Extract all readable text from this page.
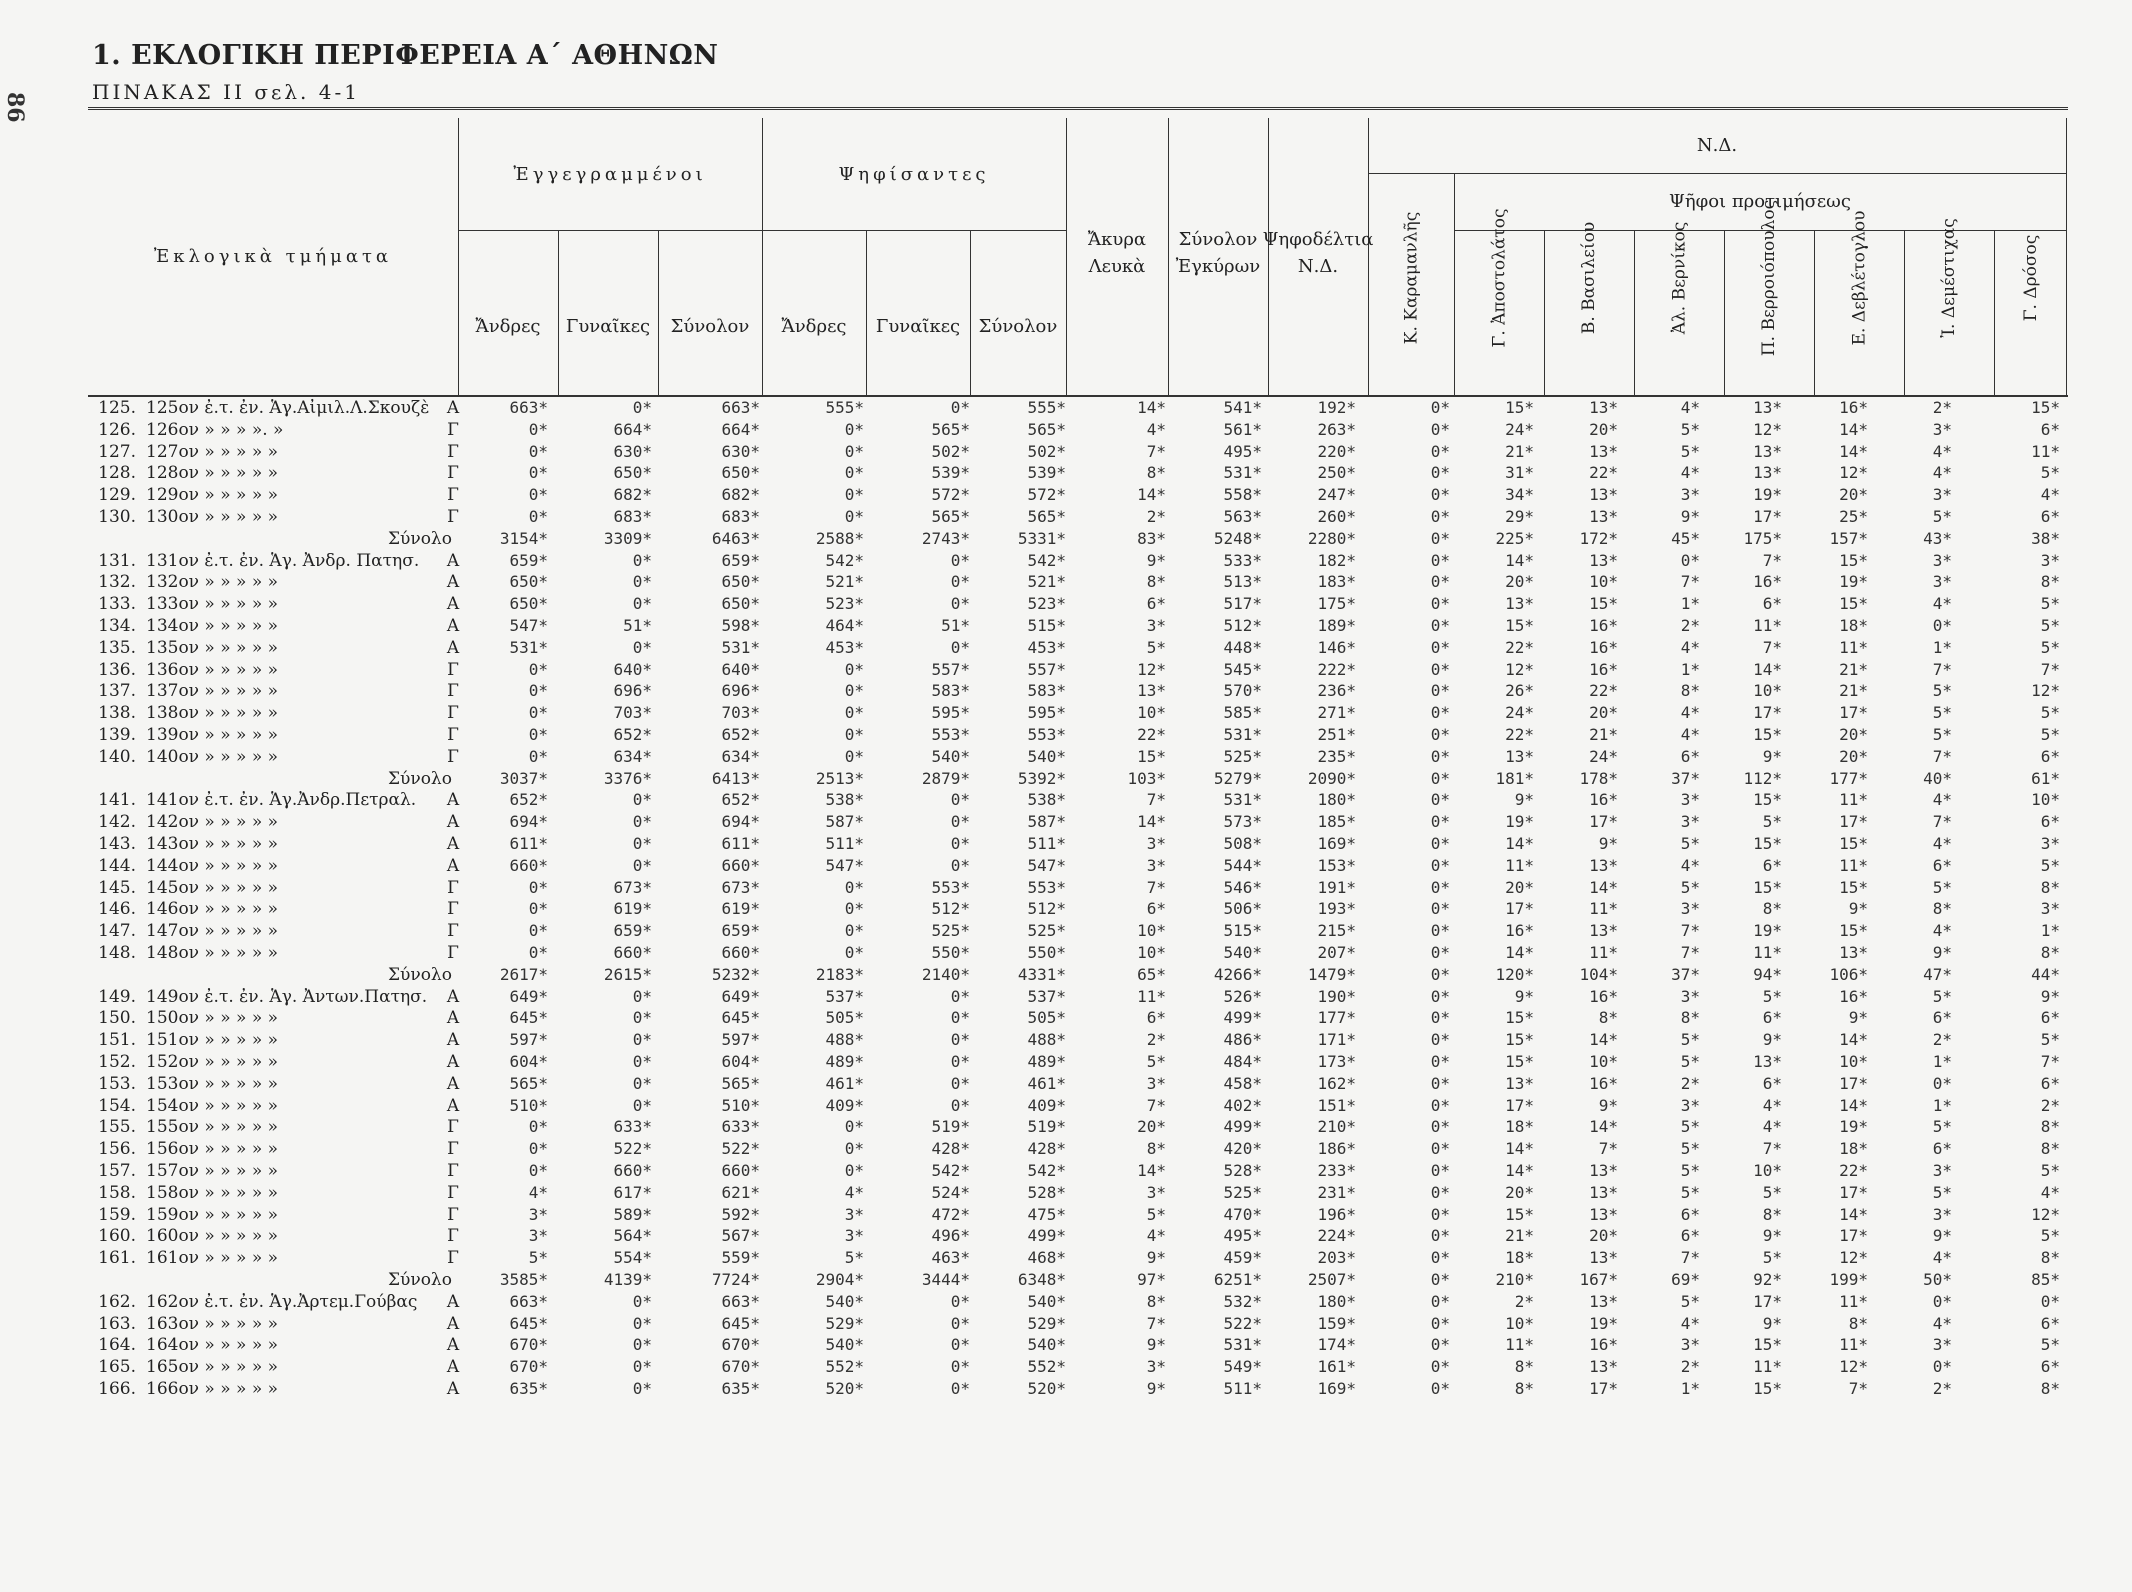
86
1. ΕΚΛΟΓΙΚΗ ΠΕΡΙΦΕΡΕΙΑ Α΄ ΑΘΗΝΩΝ
ΠΙΝΑΚΑΣ ΙΙ σελ. 4-1
Ἐκλογικὰ τμήματα
Ἐγγεγραμμένοι	Ψηφίσαντες
Ἄνδρες Γυναῖκες Σύνολον Ἄνδρες Γυναῖκες Σύνολον
Ἄκυρα Λευκὰ
Σύνολον Ἐγκύρων
Ψηφοδέλτια Ν.Δ.
Ν.Δ.
Ψῆφοι προτιμήσεως
Κ. Καραμανλῆς	Γ. Ἀποστολάτος	Β. Βασιλείου	Ἀλ. Βερνίκος	Π. Βερροιόπουλος	Ε. Δεβλέτογλου	Ἰ. Δεμέστιχας	Γ. Δρόσος
125. 125ον ἐ.τ. ἐν. Ἁγ.Αἰμιλ.Λ.Σκουζὲ	Α	663*	0*	663*	555*	0*	555*	14*	541*	192*	0*	15*	13*	4*	13*	16*	2*	15*
126. 126ον » » » ». »	Γ	0*	664*	664*	0*	565*	565*	4*	561*	263*	0*	24*	20*	5*	12*	14*	3*	6*
127. 127ον » » » » »	Γ	0*	630*	630*	0*	502*	502*	7*	495*	220*	0*	21*	13*	5*	13*	14*	4*	11*
128. 128ον » » » » »	Γ	0*	650*	650*	0*	539*	539*	8*	531*	250*	0*	31*	22*	4*	13*	12*	4*	5*
129. 129ον » » » » »	Γ	0*	682*	682*	0*	572*	572*	14*	558*	247*	0*	34*	13*	3*	19*	20*	3*	4*
130. 130ον » » » » »	Γ	0*	683*	683*	0*	565*	565*	2*	563*	260*	0*	29*	13*	9*	17*	25*	5*	6*
Σύνολο	3154*	3309*	6463*	2588*	2743*	5331*	83*	5248*	2280*	0*	225*	172*	45*	175*	157*	43*	38*
131. 131ον ἐ.τ. ἐν. Ἁγ. Ἀνδρ. Πατησ.	Α	659*	0*	659*	542*	0*	542*	9*	533*	182*	0*	14*	13*	0*	7*	15*	3*	3*
132. 132ον » » » » »	Α	650*	0*	650*	521*	0*	521*	8*	513*	183*	0*	20*	10*	7*	16*	19*	3*	8*
133. 133ον » » » » »	Α	650*	0*	650*	523*	0*	523*	6*	517*	175*	0*	13*	15*	1*	6*	15*	4*	5*
134. 134ον » » » » »	Α	547*	51*	598*	464*	51*	515*	3*	512*	189*	0*	15*	16*	2*	11*	18*	0*	5*
135. 135ον » » » » »	Α	531*	0*	531*	453*	0*	453*	5*	448*	146*	0*	22*	16*	4*	7*	11*	1*	5*
136. 136ον » » » » »	Γ	0*	640*	640*	0*	557*	557*	12*	545*	222*	0*	12*	16*	1*	14*	21*	7*	7*
137. 137ον » » » » »	Γ	0*	696*	696*	0*	583*	583*	13*	570*	236*	0*	26*	22*	8*	10*	21*	5*	12*
138. 138ον » » » » »	Γ	0*	703*	703*	0*	595*	595*	10*	585*	271*	0*	24*	20*	4*	17*	17*	5*	5*
139. 139ον » » » » »	Γ	0*	652*	652*	0*	553*	553*	22*	531*	251*	0*	22*	21*	4*	15*	20*	5*	5*
140. 140ον » » » » »	Γ	0*	634*	634*	0*	540*	540*	15*	525*	235*	0*	13*	24*	6*	9*	20*	7*	6*
Σύνολο	3037*	3376*	6413*	2513*	2879*	5392*	103*	5279*	2090*	0*	181*	178*	37*	112*	177*	40*	61*
141. 141ον ἐ.τ. ἐν. Ἁγ.Ἀνδρ.Πετραλ.	Α	652*	0*	652*	538*	0*	538*	7*	531*	180*	0*	9*	16*	3*	15*	11*	4*	10*
142. 142ον » » » » »	Α	694*	0*	694*	587*	0*	587*	14*	573*	185*	0*	19*	17*	3*	5*	17*	7*	6*
143. 143ον » » » » »	Α	611*	0*	611*	511*	0*	511*	3*	508*	169*	0*	14*	9*	5*	15*	15*	4*	3*
144. 144ον » » » » »	Α	660*	0*	660*	547*	0*	547*	3*	544*	153*	0*	11*	13*	4*	6*	11*	6*	5*
145. 145ον » » » » »	Γ	0*	673*	673*	0*	553*	553*	7*	546*	191*	0*	20*	14*	5*	15*	15*	5*	8*
146. 146ον » » » » »	Γ	0*	619*	619*	0*	512*	512*	6*	506*	193*	0*	17*	11*	3*	8*	9*	8*	3*
147. 147ον » » » » »	Γ	0*	659*	659*	0*	525*	525*	10*	515*	215*	0*	16*	13*	7*	19*	15*	4*	1*
148. 148ον » » » » »	Γ	0*	660*	660*	0*	550*	550*	10*	540*	207*	0*	14*	11*	7*	11*	13*	9*	8*
Σύνολο	2617*	2615*	5232*	2183*	2140*	4331*	65*	4266*	1479*	0*	120*	104*	37*	94*	106*	47*	44*
149. 149ον ἐ.τ. ἐν. Ἁγ. Ἀντων.Πατησ.	Α	649*	0*	649*	537*	0*	537*	11*	526*	190*	0*	9*	16*	3*	5*	16*	5*	9*
150. 150ον » » » » »	Α	645*	0*	645*	505*	0*	505*	6*	499*	177*	0*	15*	8*	8*	6*	9*	6*	6*
151. 151ον » » » » »	Α	597*	0*	597*	488*	0*	488*	2*	486*	171*	0*	15*	14*	5*	9*	14*	2*	5*
152. 152ον » » » » »	Α	604*	0*	604*	489*	0*	489*	5*	484*	173*	0*	15*	10*	5*	13*	10*	1*	7*
153. 153ον » » » » »	Α	565*	0*	565*	461*	0*	461*	3*	458*	162*	0*	13*	16*	2*	6*	17*	0*	6*
154. 154ον » » » » »	Α	510*	0*	510*	409*	0*	409*	7*	402*	151*	0*	17*	9*	3*	4*	14*	1*	2*
155. 155ον » » » » »	Γ	0*	633*	633*	0*	519*	519*	20*	499*	210*	0*	18*	14*	5*	4*	19*	5*	8*
156. 156ον » » » » »	Γ	0*	522*	522*	0*	428*	428*	8*	420*	186*	0*	14*	7*	5*	7*	18*	6*	8*
157. 157ον » » » » »	Γ	0*	660*	660*	0*	542*	542*	14*	528*	233*	0*	14*	13*	5*	10*	22*	3*	5*
158. 158ον » » » » »	Γ	4*	617*	621*	4*	524*	528*	3*	525*	231*	0*	20*	13*	5*	5*	17*	5*	4*
159. 159ον » » » » »	Γ	3*	589*	592*	3*	472*	475*	5*	470*	196*	0*	15*	13*	6*	8*	14*	3*	12*
160. 160ον » » » » »	Γ	3*	564*	567*	3*	496*	499*	4*	495*	224*	0*	21*	20*	6*	9*	17*	9*	5*
161. 161ον » » » » »	Γ	5*	554*	559*	5*	463*	468*	9*	459*	203*	0*	18*	13*	7*	5*	12*	4*	8*
Σύνολο	3585*	4139*	7724*	2904*	3444*	6348*	97*	6251*	2507*	0*	210*	167*	69*	92*	199*	50*	85*
162. 162ον ἐ.τ. ἐν. Ἁγ.Ἀρτεμ.Γούβας	Α	663*	0*	663*	540*	0*	540*	8*	532*	180*	0*	2*	13*	5*	17*	11*	0*	0*
163. 163ον » » » » »	Α	645*	0*	645*	529*	0*	529*	7*	522*	159*	0*	10*	19*	4*	9*	8*	4*	6*
164. 164ον » » » » »	Α	670*	0*	670*	540*	0*	540*	9*	531*	174*	0*	11*	16*	3*	15*	11*	3*	5*
165. 165ον » » » » »	Α	670*	0*	670*	552*	0*	552*	3*	549*	161*	0*	8*	13*	2*	11*	12*	0*	6*
166. 166ον » » » » »	Α	635*	0*	635*	520*	0*	520*	9*	511*	169*	0*	8*	17*	1*	15*	7*	2*	8*
